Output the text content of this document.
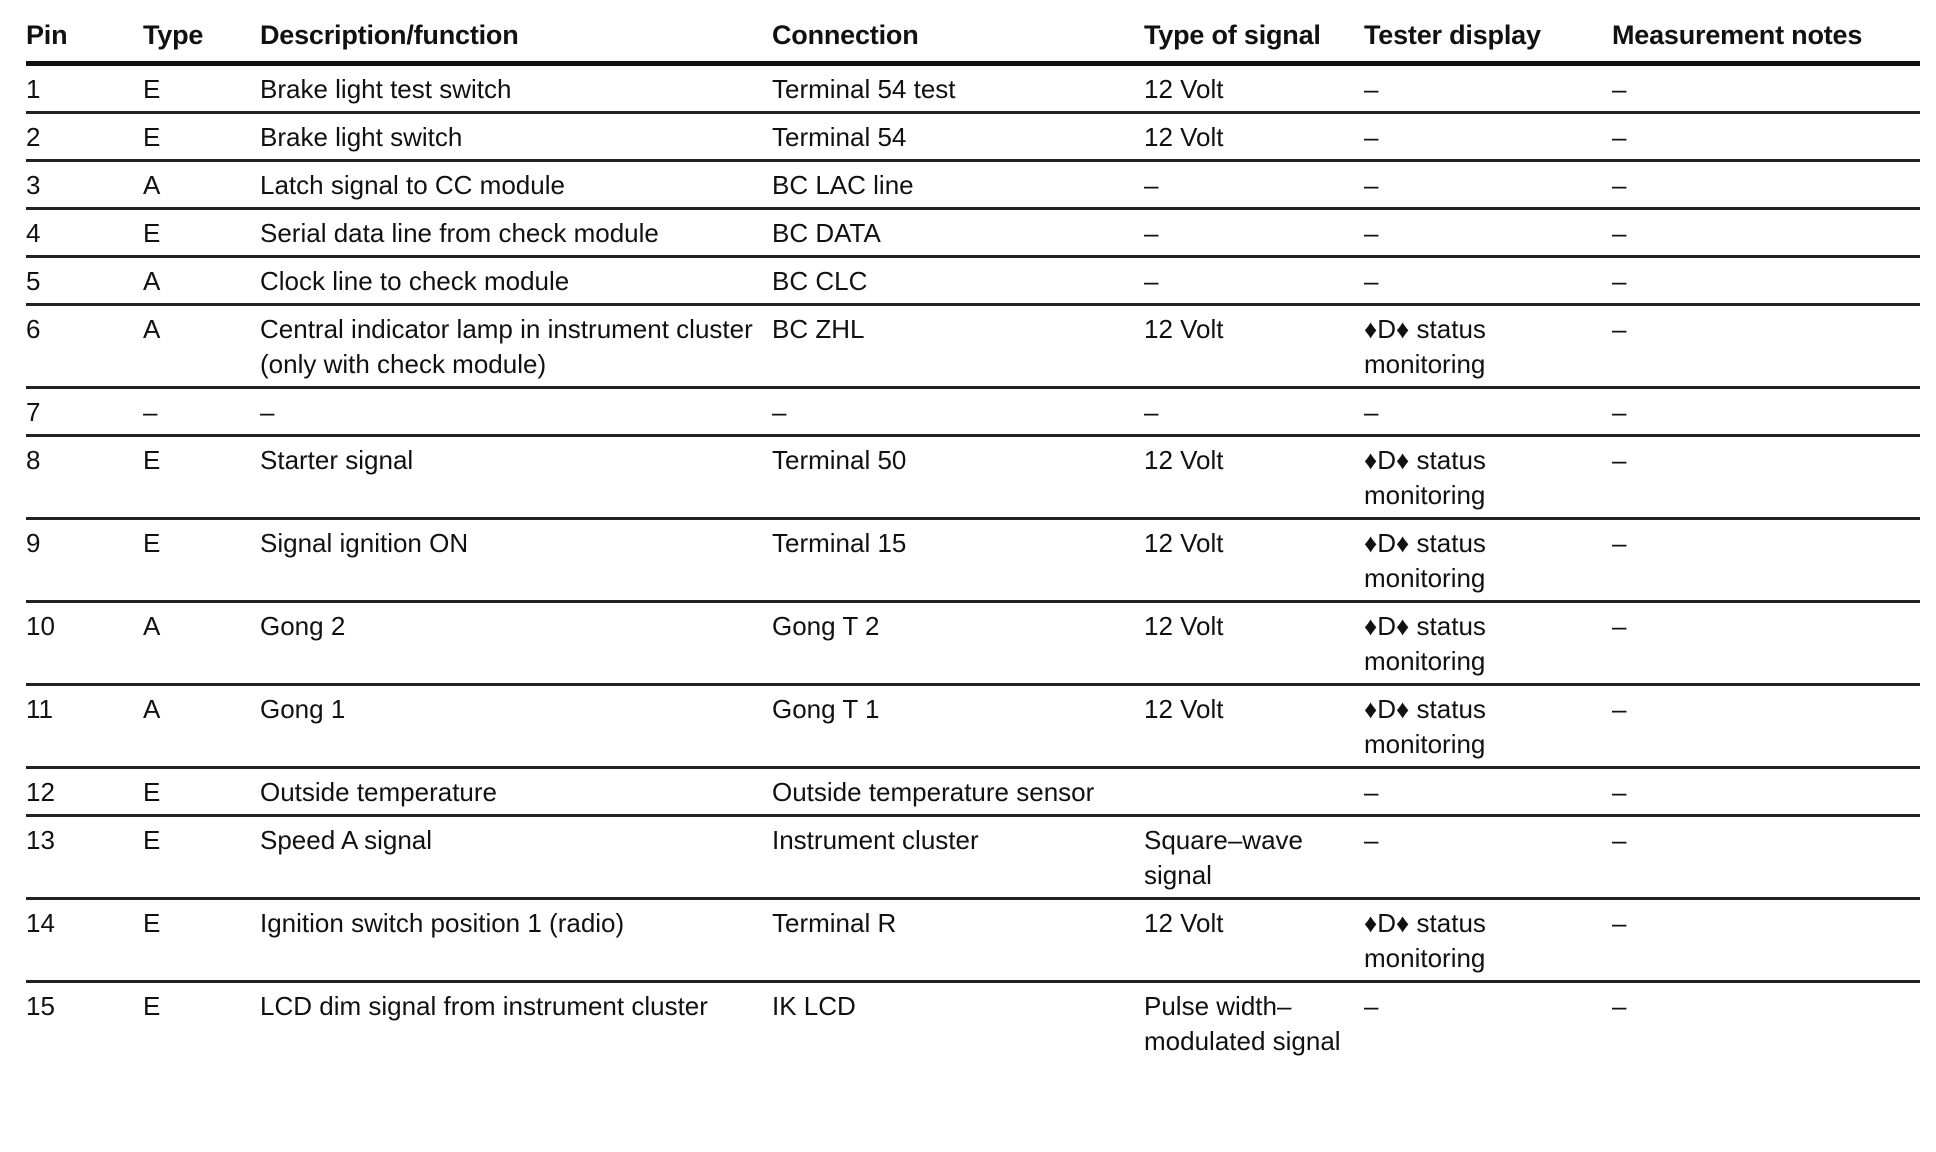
Pin	Type	Description/function	Connection	Type of signal	Tester display	Measurement notes
1	E	Brake light test switch	Terminal 54 test	12 Volt	–	–
2	E	Brake light switch	Terminal 54	12 Volt	–	–
3	A	Latch signal to CC module	BC LAC line	–	–	–
4	E	Serial data line from check module	BC DATA	–	–	–
5	A	Clock line to check module	BC CLC	–	–	–
6	A	Central indicator lamp in instrument cluster (only with check module)	BC ZHL	12 Volt	♦D♦ status monitoring	–
7	–	–	–	–	–	–
8	E	Starter signal	Terminal 50	12 Volt	♦D♦ status monitoring	–
9	E	Signal ignition ON	Terminal 15	12 Volt	♦D♦ status monitoring	–
10	A	Gong 2	Gong T 2	12 Volt	♦D♦ status monitoring	–
11	A	Gong 1	Gong T 1	12 Volt	♦D♦ status monitoring	–
12	E	Outside temperature	Outside temperature sensor		–	–
13	E	Speed A signal	Instrument cluster	Square–wave signal	–	–
14	E	Ignition switch position 1 (radio)	Terminal R	12 Volt	♦D♦ status monitoring	–
15	E	LCD dim signal from instrument cluster	IK LCD	Pulse width–modulated signal	–	–
